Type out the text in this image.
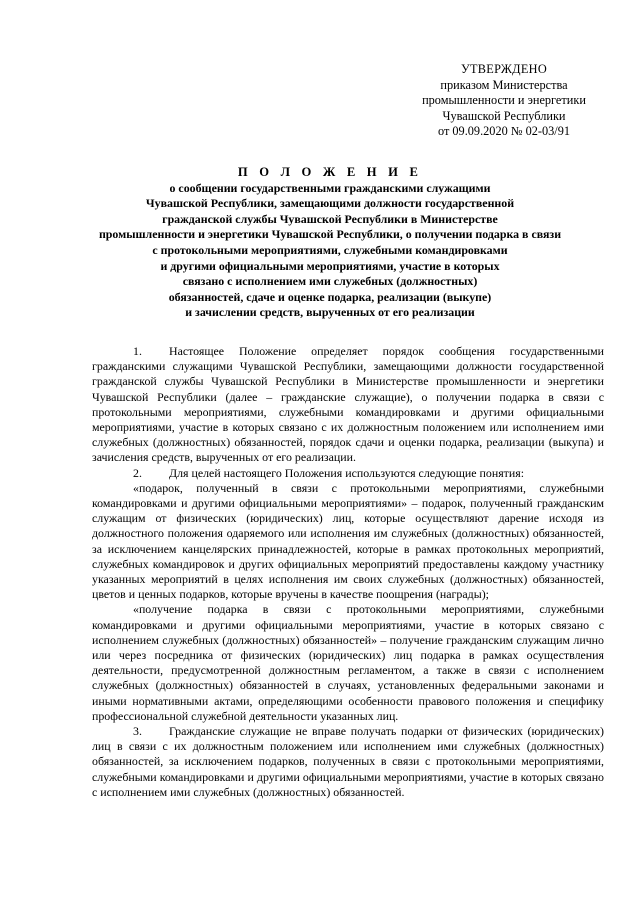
УТВЕРЖДЕНО
приказом Министерства
промышленности и энергетики
Чувашской Республики
от 09.09.2020 № 02-03/91
П О Л О Ж Е Н И Е
о сообщении государственными гражданскими служащими
Чувашской Республики, замещающими должности государственной
гражданской службы Чувашской Республики в Министерстве
промышленности и энергетики Чувашской Республики, о получении подарка в связи
с протокольными мероприятиями, служебными командировками
и другими официальными мероприятиями, участие в которых
связано с исполнением ими служебных (должностных)
обязанностей, сдаче и оценке подарка, реализации (выкупе)
и зачислении средств, вырученных от его реализации

1. Настоящее Положение определяет порядок сообщения государственными гражданскими служащими Чувашской Республики, замещающими должности государственной гражданской службы Чувашской Республики в Министерстве промышленности и энергетики Чувашской Республики (далее – гражданские служащие), о получении подарка в связи с протокольными мероприятиями, служебными командировками и другими официальными мероприятиями, участие в которых связано с их должностным положением или исполнением ими служебных (должностных) обязанностей, порядок сдачи и оценки подарка, реализации (выкупа) и зачисления средств, вырученных от его реализации.

2. Для целей настоящего Положения используются следующие понятия:

«подарок, полученный в связи с протокольными мероприятиями, служебными командировками и другими официальными мероприятиями» – подарок, полученный гражданским служащим от физических (юридических) лиц, которые осуществляют дарение исходя из должностного положения одаряемого или исполнения им служебных (должностных) обязанностей, за исключением канцелярских принадлежностей, которые в рамках протокольных мероприятий, служебных командировок и других официальных мероприятий предоставлены каждому участнику указанных мероприятий в целях исполнения им своих служебных (должностных) обязанностей, цветов и ценных подарков, которые вручены в качестве поощрения (награды);

«получение подарка в связи с протокольными мероприятиями, служебными командировками и другими официальными мероприятиями, участие в которых связано с исполнением служебных (должностных) обязанностей» – получение гражданским служащим лично или через посредника от физических (юридических) лиц подарка в рамках осуществления деятельности, предусмотренной должностным регламентом, а также в связи с исполнением служебных (должностных) обязанностей в случаях, установленных федеральными законами и иными нормативными актами, определяющими особенности правового положения и специфику профессиональной служебной деятельности указанных лиц.

3. Гражданские служащие не вправе получать подарки от физических (юридических) лиц в связи с их должностным положением или исполнением ими служебных (должностных) обязанностей, за исключением подарков, полученных в связи с протокольными мероприятиями, служебными командировками и другими официальными мероприятиями, участие в которых связано с исполнением ими служебных (должностных) обязанностей.
